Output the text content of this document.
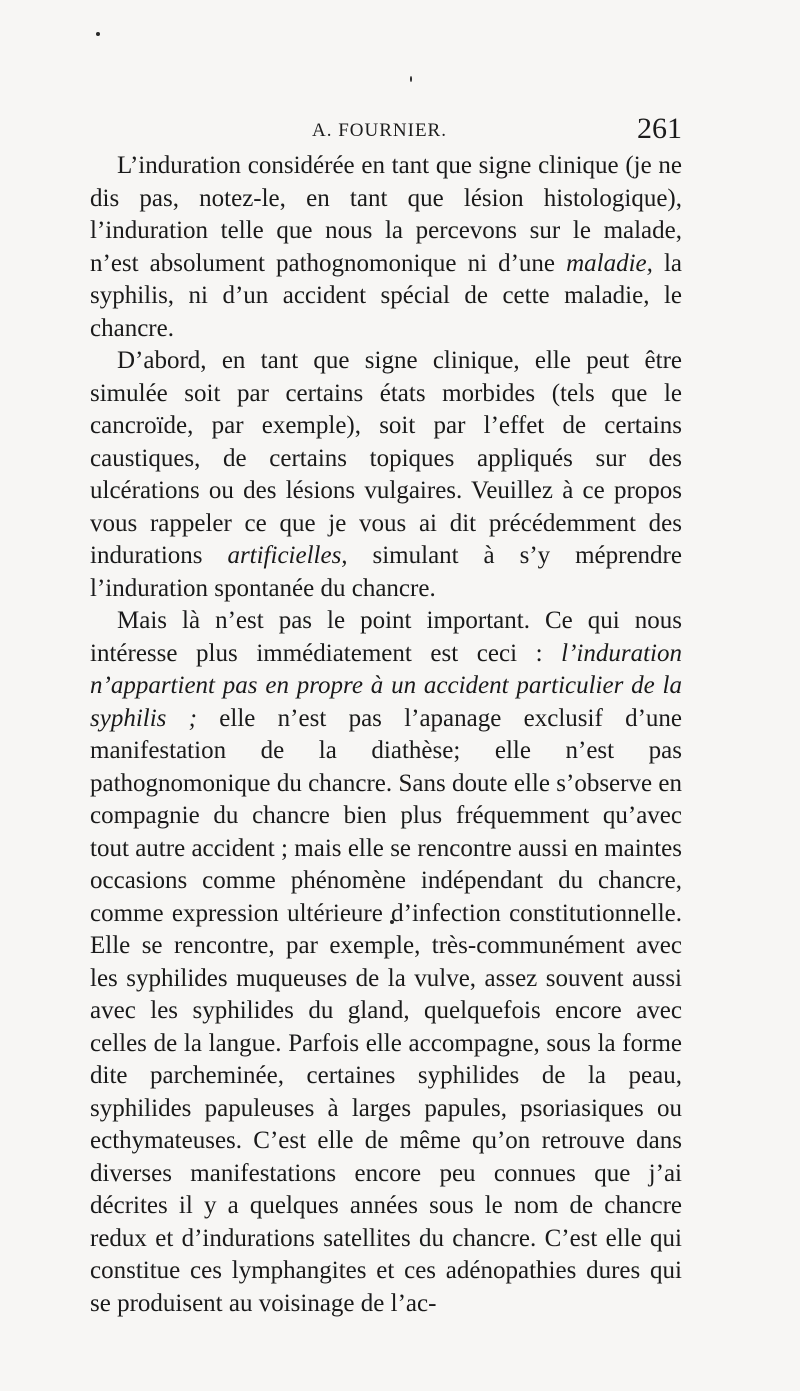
A. FOURNIER.	261

L’induration considérée en tant que signe clinique (je ne dis pas, notez-le, en tant que lésion histologique), l’induration telle que nous la percevons sur le malade, n’est absolument pathognomonique ni d’une maladie, la syphilis, ni d’un accident spécial de cette maladie, le chancre.

D’abord, en tant que signe clinique, elle peut être simulée soit par certains états morbides (tels que le cancroïde, par exemple), soit par l’effet de certains caustiques, de certains topiques appliqués sur des ulcérations ou des lésions vulgaires. Veuillez à ce propos vous rappeler ce que je vous ai dit précédemment des indurations artificielles, simulant à s’y méprendre l’induration spontanée du chancre.

Mais là n’est pas le point important. Ce qui nous intéresse plus immédiatement est ceci : l’induration n’appartient pas en propre à un accident particulier de la syphilis ; elle n’est pas l’apanage exclusif d’une manifestation de la diathèse; elle n’est pas pathognomonique du chancre. Sans doute elle s’observe en compagnie du chancre bien plus fréquemment qu’avec tout autre accident ; mais elle se rencontre aussi en maintes occasions comme phénomène indépendant du chancre, comme expression ultérieure d’infection constitutionnelle. Elle se rencontre, par exemple, très-communément avec les syphilides muqueuses de la vulve, assez souvent aussi avec les syphilides du gland, quelquefois encore avec celles de la langue. Parfois elle accompagne, sous la forme dite parcheminée, certaines syphilides de la peau, syphilides papuleuses à larges papules, psoriasiques ou ecthymateuses. C’est elle de même qu’on retrouve dans diverses manifestations encore peu connues que j’ai décrites il y a quelques années sous le nom de chancre redux et d’indurations satellites du chancre. C’est elle qui constitue ces lymphangites et ces adénopathies dures qui se produisent au voisinage de l’ac-
